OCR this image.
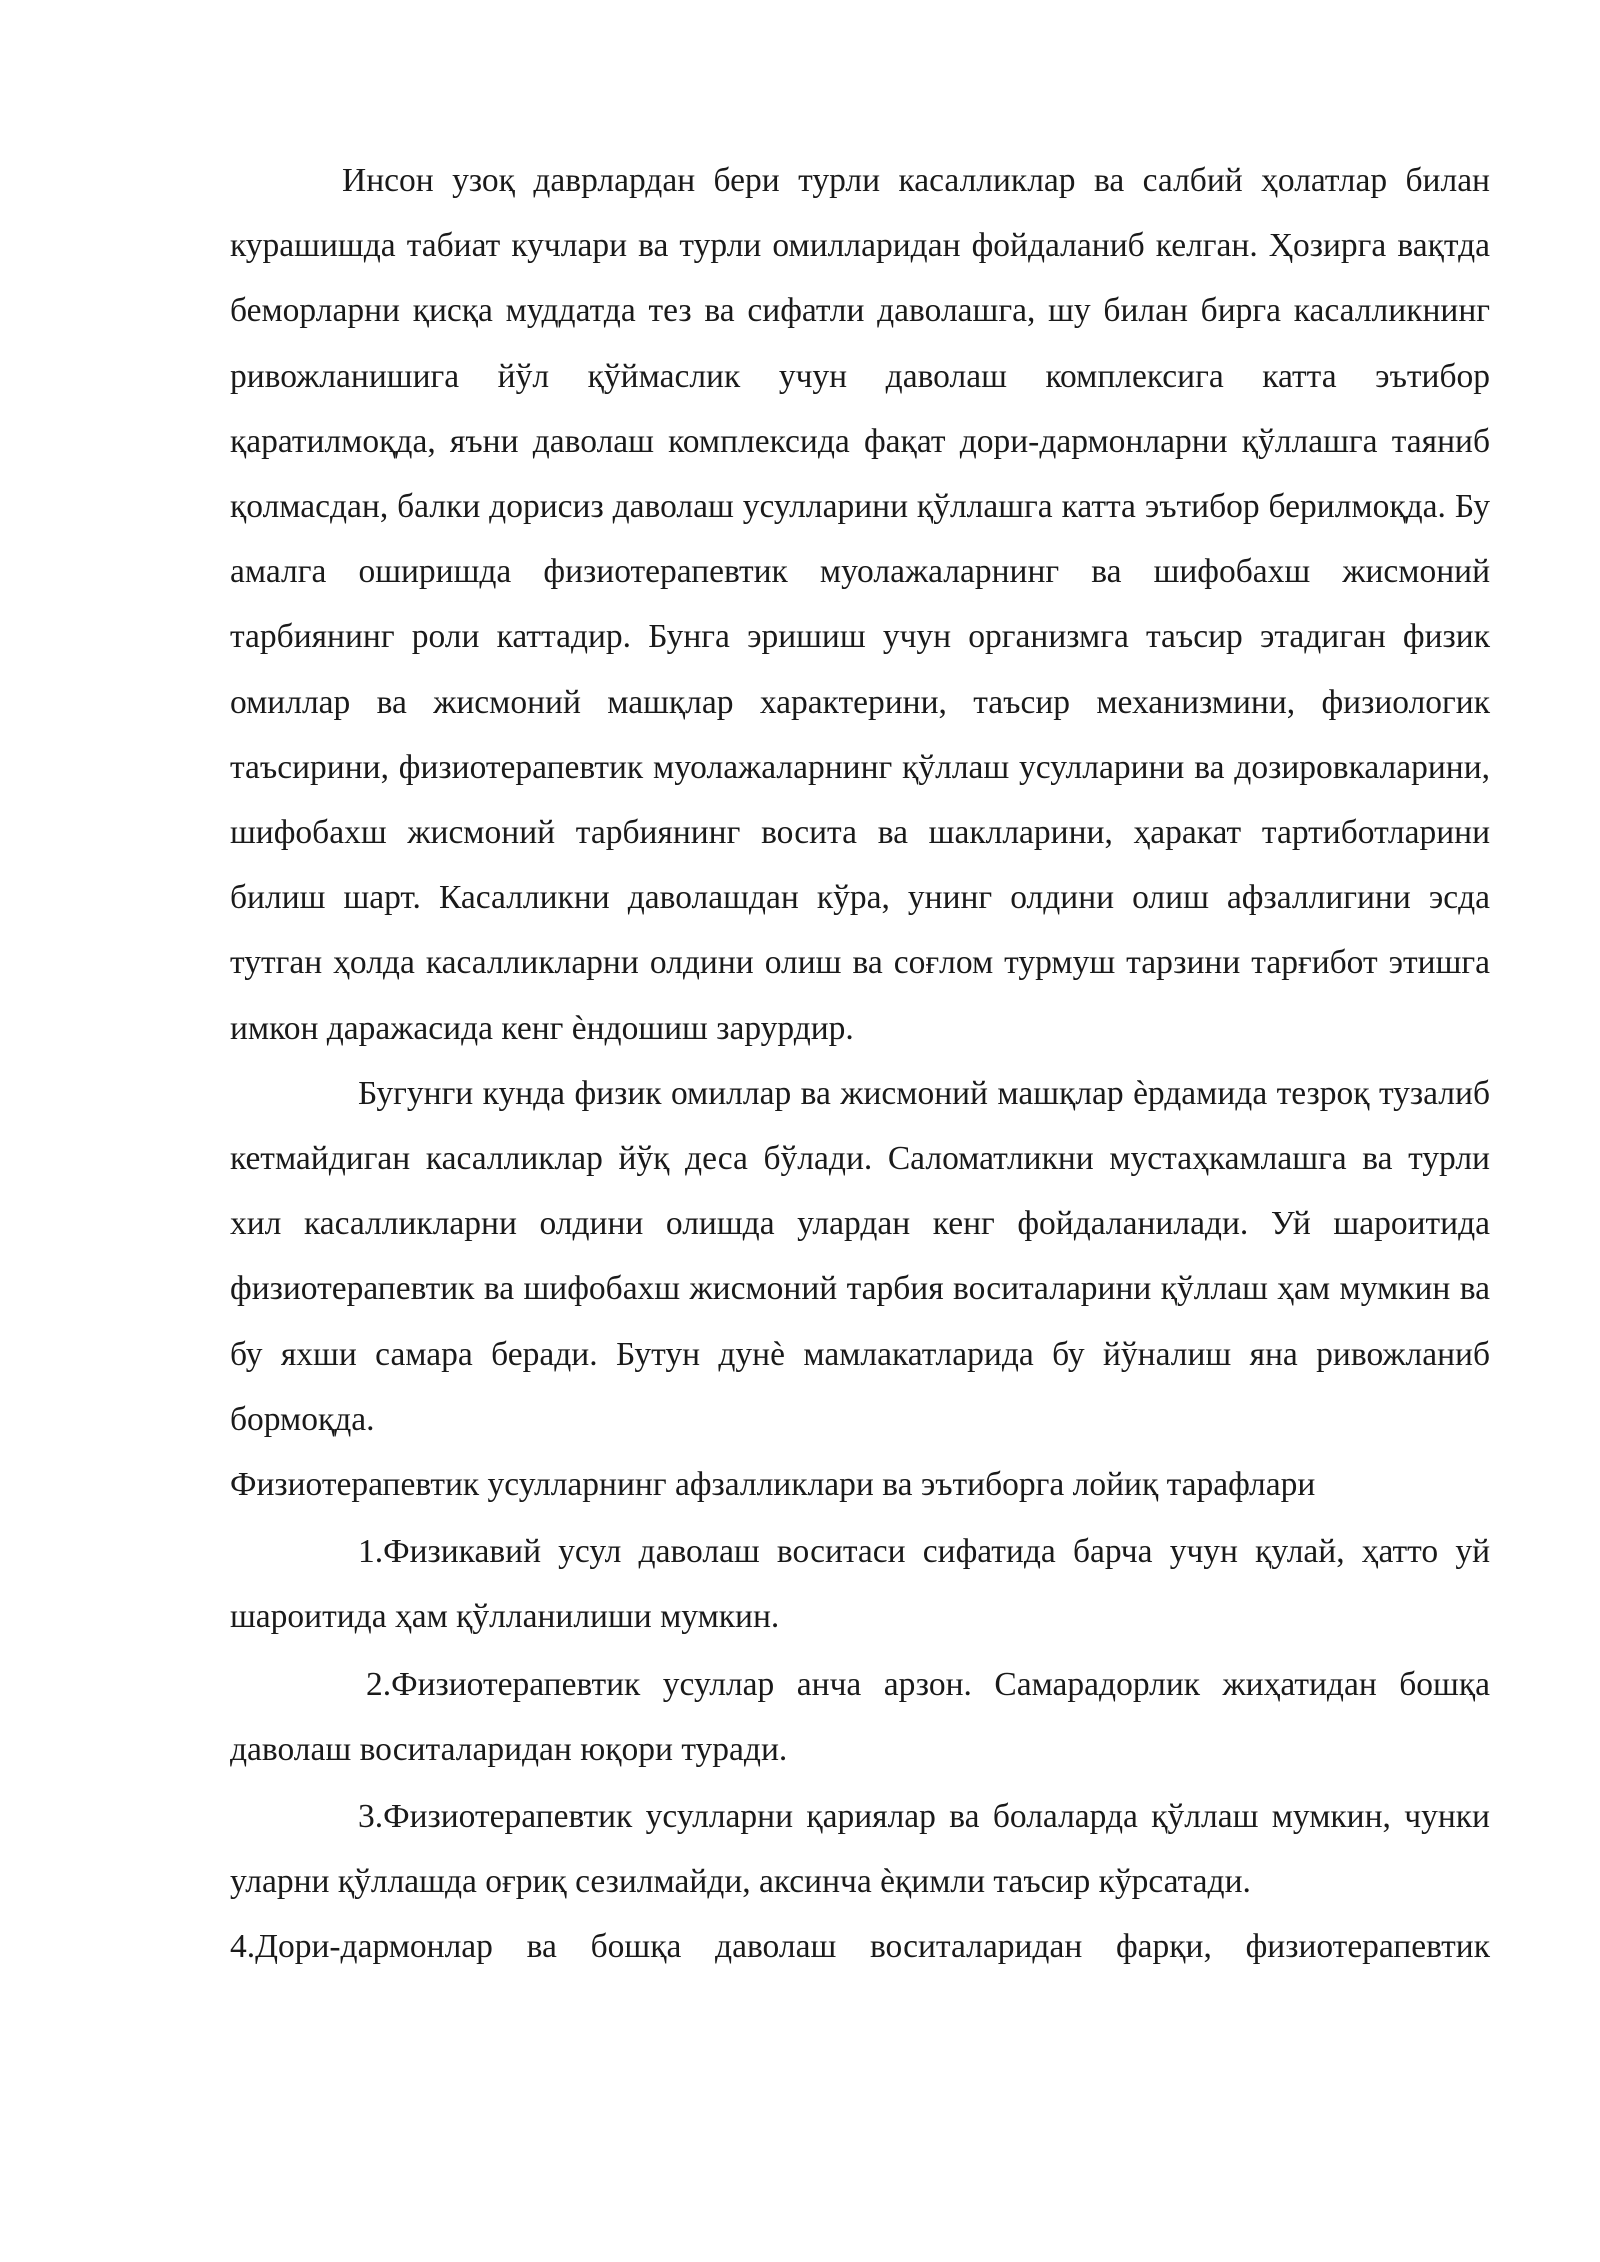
Инсон узоқ даврлардан бери турли касалликлар ва салбий ҳолатлар билан курашишда табиат кучлари ва турли омилларидан фойдаланиб келган. Ҳозирга вақтда беморларни қисқа муддатда тез ва сифатли даволашга, шу билан бирга касалликнинг ривожланишига йўл қўймаслик учун даволаш комплексига катта эътибор қаратилмоқда, яъни даволаш комплексида фақат дори-дармонларни қўллашга таяниб қолмасдан, балки дорисиз даволаш усулларини қўллашга катта эътибор берилмоқда. Бу амалга оширишда физиотерапевтик муолажаларнинг ва шифобахш жисмоний тарбиянинг роли каттадир. Бунга эришиш учун организмга таъсир этадиган физик омиллар ва жисмоний машқлар характерини, таъсир механизмини, физиологик таъсирини, физиотерапевтик муолажаларнинг қўллаш усулларини ва дозировкаларини, шифобахш жисмоний тарбиянинг восита ва шаклларини, ҳаракат тартиботларини билиш шарт. Касалликни даволашдан кўра, унинг олдини олиш афзаллигини эсда тутган ҳолда касалликларни олдини олиш ва соғлом турмуш тарзини тарғибот этишга имкон даражасида кенг ѐндошиш зарурдир.

Бугунги кунда физик омиллар ва жисмоний машқлар ѐрдамида тезроқ тузалиб кетмайдиган касалликлар йўқ деса бўлади. Саломатликни мустаҳкамлашга ва турли хил касалликларни олдини олишда улардан кенг фойдаланилади. Уй шароитида физиотерапевтик ва шифобахш жисмоний тарбия воситаларини қўллаш ҳам мумкин ва бу яхши самара беради. Бутун дунѐ мамлакатларида бу йўналиш яна ривожланиб бормоқда.

Физиотерапевтик усулларнинг афзалликлари ва эътиборга лойиқ тарафлари

1.Физикавий усул даволаш воситаси сифатида барча учун қулай, ҳатто уй шароитида ҳам қўлланилиши мумкин.

2.Физиотерапевтик усуллар анча арзон. Самарадорлик жиҳатидан бошқа даволаш воситаларидан юқори туради.

3.Физиотерапевтик усулларни қариялар ва болаларда қўллаш мумкин, чунки уларни қўллашда оғриқ сезилмайди, аксинча ѐқимли таъсир кўрсатади.

4.Дори-дармонлар ва бошқа даволаш воситаларидан фарқи, физиотерапевтик
